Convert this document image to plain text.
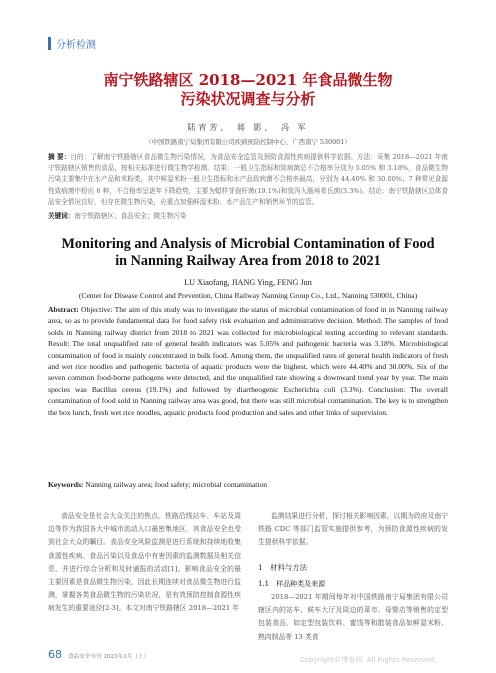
分析检测
南宁铁路辖区 2018—2021 年食品微生物
污染状况调查与分析
陆宵芳， 蒋 影， 冯 军
（中国铁路南宁局集团有限公司疾病预防控制中心，广西南宁 530001）

摘 要：目的：了解南宁铁路辖区食品微生物污染情况，为食品安全监管及预防食源性疾病提供科学依据。方法：采集 2018—2021 年南宁铁路辖区销售的食品，按相关标准进行微生物学检测。结果：一般卫生指标和致病菌总不合格率分别为 5.05% 和 3.18%，食品微生物污染主要集中在水产品和米粉类，其中鲜湿米粉一般卫生指标和水产品致病菌不合格率最高，分别为 44.40% 和 30.00%；7 种常见食源性致病菌中检出 6 种，不合格率呈逐年下降趋势，主要为蜡样芽孢杆菌(19.1%)和致泻大肠埃希氏菌(3.3%)。结论：南宁铁路辖区总体食品安全情况良好，但存在微生物污染，应重点加强鲜湿米粉、水产品生产和销售环节的监管。

关键词：南宁铁路辖区；食品安全；微生物污染

Monitoring and Analysis of Microbial Contamination of Food
in Nanning Railway Area from 2018 to 2021
LU Xiaofang, JIANG Ying, FENG Jun
(Center for Disease Control and Prevention, China Railway Nanning Group Co., Ltd., Nanning 530001, China)

Abstract: Objective: The aim of this study was to investigate the status of microbial contamination of food in in Nanning railway area, so as to provide fundamental data for food safety risk evaluation and administrative decision. Method: The samples of food solds in Nanning railway district from 2018 to 2021 was collected for microbiological testing according to relevant standards. Result: The total unqualified rate of general health indicators was 5.05% and pathogenic bacteria was 3.18%. Microbiological contamination of food is mainly concentrated in bulk food. Among them, the unqualified rates of general health indicators of fresh and wet rice noodles and pathogenic bacteria of aquatic products were the highest, which were 44.40% and 30.00%. Six of the seven common food-borne pathogens were detected, and the unqualified rate showing a downward trend year by year. The main species was Bacillus cereus (19.1%) and followed by diarrheogenic Escherichia coli (3.3%). Conclusion: The overall contamination of food sold in Nanning railway area was good, but there was still microbial contamination. The key is to strengthen the box lunch, fresh wet rice noodles, aquatic products food production and sales and other links of supervision.

Keywords: Nanning railway area; food safety; microbial contamination

食品安全是社会大众关注的焦点。铁路沿线站车、车站及周边等作为我国各大中城市流动人口最密集地区，其食品安全也受到社会大众的瞩目。食品安全风险监测是进行系统和持续地收集食源性疾病、食品污染以及食品中有害因素的监测数据及相关信息，并进行综合分析和及时通报的活动[1]。影响食品安全的最主要因素是食品微生物污染，因此长期连续对食品微生物进行监测，掌握各类食品微生物的污染状况，是有效预防控制食源性疾病发生的重要途径[2-3]。本文对南宁铁路辖区 2018—2021 年

监测结果进行分析，探讨相关影响因素，以期为政府及南宁铁路 CDC 等部门监管实施提供参考，为预防食源性疾病的发生提供科学依据。

1　材料与方法

1.1　样品种类及来源

2018—2021 年期间每年对中国铁路南宁局集团有限公司辖区内的站车、候车大厅及周边的菜市、母婴店等销售的定型包装食品，如定型包装饮料、蜜饯等和散装食品如鲜湿米粉、熟肉制品等 13 类食

68 食品安全导刊 2023年3月（上）	Copyright©博看网. All Rights Reserved.
